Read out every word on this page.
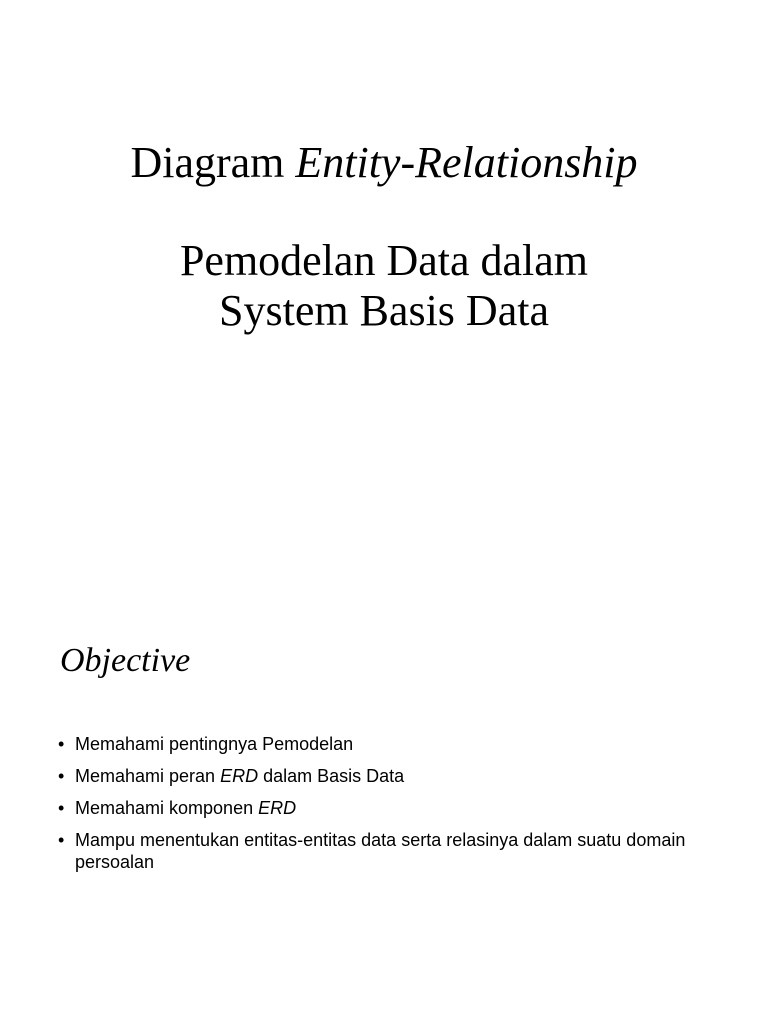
Diagram Entity-Relationship
Pemodelan Data dalam
System Basis Data
Objective
• Memahami pentingnya Pemodelan
• Memahami peran ERD dalam Basis Data
• Memahami komponen ERD
• Mampu menentukan entitas-entitas data serta relasinya dalam suatu domain persoalan
